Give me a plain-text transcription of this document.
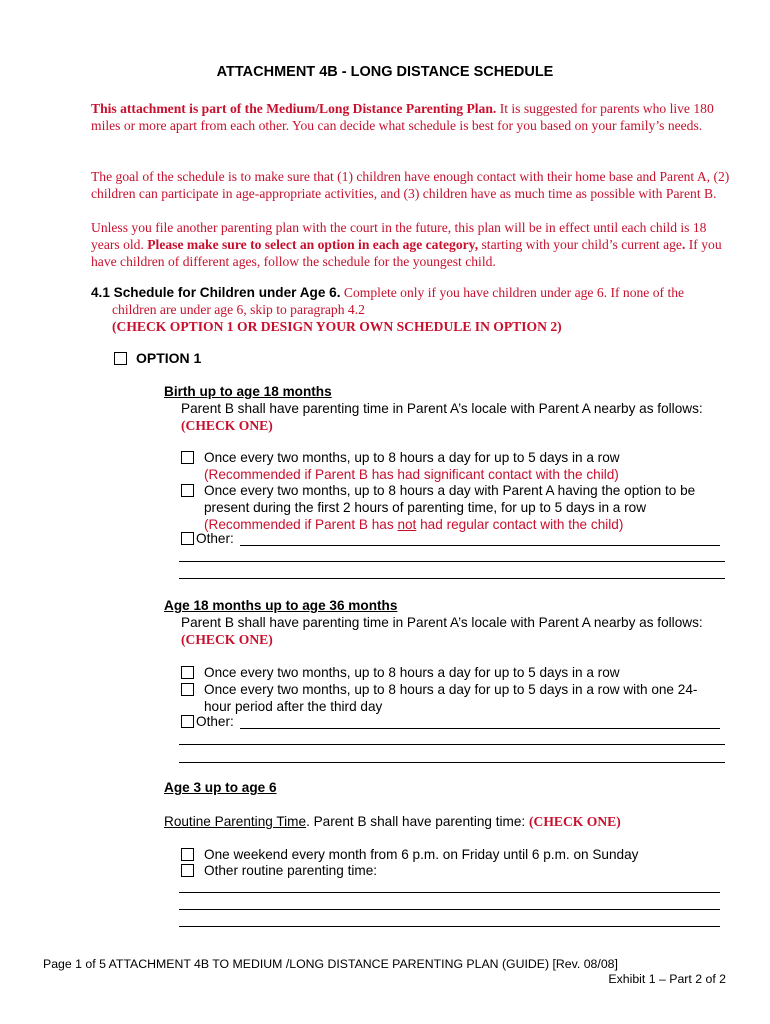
ATTACHMENT 4B - LONG DISTANCE SCHEDULE
This attachment is part of the Medium/Long Distance Parenting Plan. It is suggested for parents who live 180 miles or more apart from each other. You can decide what schedule is best for you based on your family’s needs.
The goal of the schedule is to make sure that (1) children have enough contact with their home base and Parent A, (2) children can participate in age-appropriate activities, and (3) children have as much time as possible with Parent B.
Unless you file another parenting plan with the court in the future, this plan will be in effect until each child is 18 years old. Please make sure to select an option in each age category, starting with your child’s current age. If you have children of different ages, follow the schedule for the youngest child.
4.1 Schedule for Children under Age 6. Complete only if you have children under age 6. If none of the
children are under age 6, skip to paragraph 4.2
(CHECK OPTION 1 OR DESIGN YOUR OWN SCHEDULE IN OPTION 2)
OPTION 1
Birth up to age 18 months
Parent B shall have parenting time in Parent A’s locale with Parent A nearby as follows:
(CHECK ONE)
Once every two months, up to 8 hours a day for up to 5 days in a row
(Recommended if Parent B has had significant contact with the child)
Once every two months, up to 8 hours a day with Parent A having the option to be present during the first 2 hours of parenting time, for up to 5 days in a row
(Recommended if Parent B has not had regular contact with the child)
Other:
Age 18 months up to age 36 months
Parent B shall have parenting time in Parent A’s locale with Parent A nearby as follows:
(CHECK ONE)
Once every two months, up to 8 hours a day for up to 5 days in a row
Once every two months, up to 8 hours a day for up to 5 days in a row with one 24-hour period after the third day
Other:
Age 3 up to age 6
Routine Parenting Time. Parent B shall have parenting time: (CHECK ONE)
One weekend every month from 6 p.m. on Friday until 6 p.m. on Sunday
Other routine parenting time:
Page 1 of 5 ATTACHMENT 4B TO MEDIUM /LONG DISTANCE PARENTING PLAN (GUIDE) [Rev. 08/08]
Exhibit 1 – Part 2 of 2
